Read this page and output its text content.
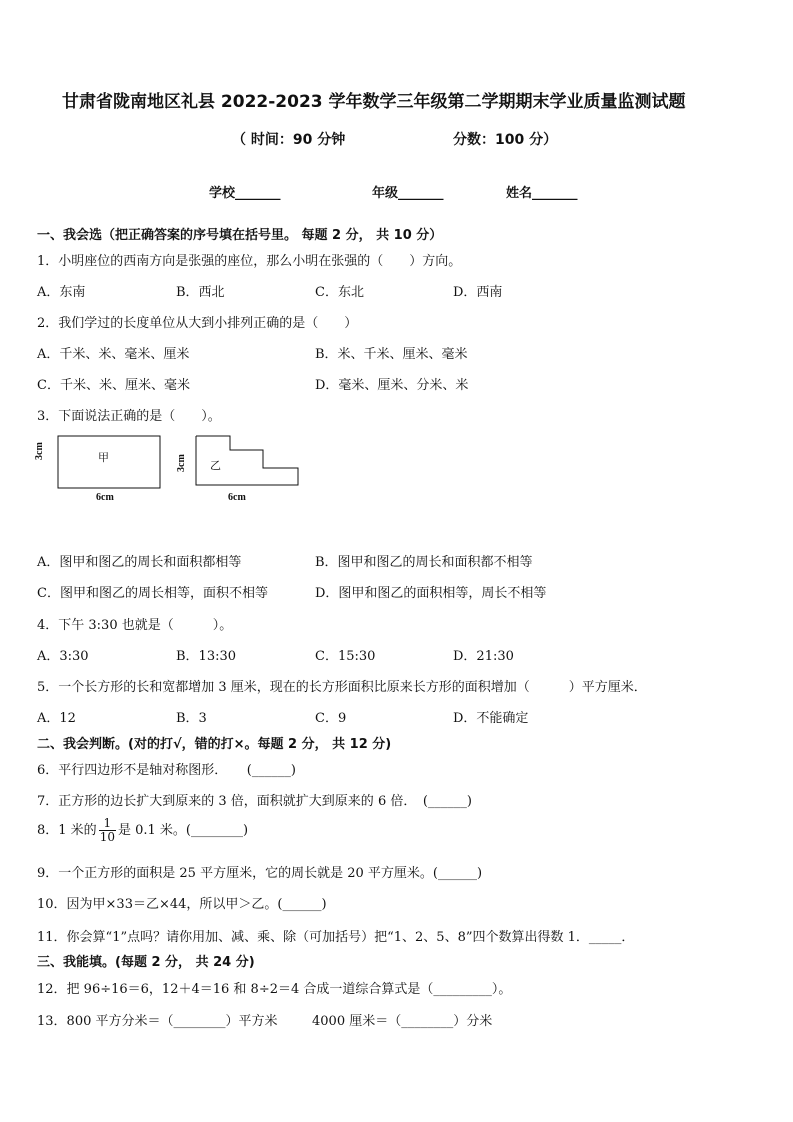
甘肃省陇南地区礼县 2022-2023 学年数学三年级第二学期期末学业质量监测试题
（ 时间：90 分钟	分数：100 分）
学校_______	年级_______	姓名_______
一、我会选（把正确答案的序号填在括号里。 每题 2 分， 共 10 分）
1．小明座位的西南方向是张强的座位，那么小明在张强的（　　）方向。
A．东南	B．西北	C．东北	D．西南
2．我们学过的长度单位从大到小排列正确的是（　　）
A．千米、米、毫米、厘米	B．米、千米、厘米、毫米
C．千米、米、厘米、毫米	D．毫米、厘米、分米、米
3．下面说法正确的是（　　）。
甲
乙
3cm
3cm
6cm	6cm
A．图甲和图乙的周长和面积都相等	B．图甲和图乙的周长和面积都不相等
C．图甲和图乙的周长相等，面积不相等	D．图甲和图乙的面积相等，周长不相等
4．下午 3:30 也就是（　　　）。
A．3:30	B．13:30	C．15:30	D．21:30
5．一个长方形的长和宽都增加 3 厘米，现在的长方形面积比原来长方形的面积增加（　　　）平方厘米．
A．12	B．3	C．9	D．不能确定
二、我会判断。(对的打√，错的打×。每题 2 分， 共 12 分)
6．平行四边形不是轴对称图形．　　(______)
7．正方形的边长扩大到原来的 3 倍，面积就扩大到原来的 6 倍．　(______)
8．1 米的 $\frac{1}{10}$ 是 0.1 米。(________)
9．一个正方形的面积是 25 平方厘米，它的周长就是 20 平方厘米。(______)
10．因为甲×33＝乙×44，所以甲＞乙。(______)
11．你会算“1”点吗？请你用加、减、乘、除（可加括号）把“1、2、5、8”四个数算出得数 1．_____．
三、我能填。(每题 2 分， 共 24 分)
12．把 96÷16＝6，12＋4＝16 和 8÷2＝4 合成一道综合算式是（_________）。
13．800 平方分米＝（________）平方米	4000 厘米＝（________）分米
